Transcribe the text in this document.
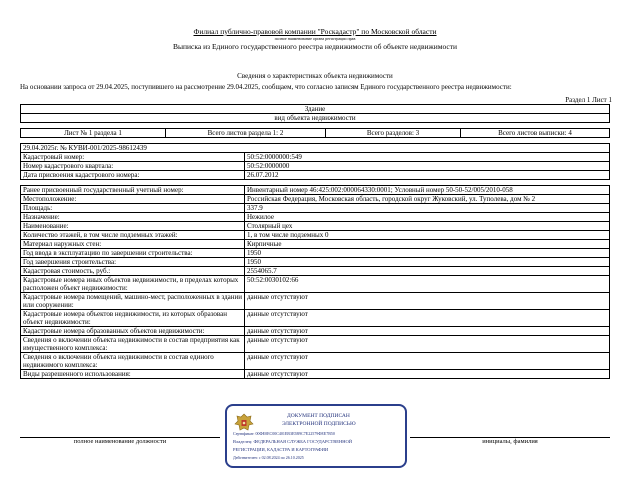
Филиал публично-правовой компании "Роскадастр" по Московской области
полное наименование органа регистрации прав
Выписка из Единого государственного реестра недвижимости об объекте недвижимости
Сведения о характеристиках объекта недвижимости
На основании запроса от 29.04.2025, поступившего на рассмотрение 29.04.2025, сообщаем, что согласно записям Единого государственного реестра недвижимости:
Раздел 1 Лист 1
Здание
вид объекта недвижимости
Лист № 1 раздела 1	Всего листов раздела 1: 2	Всего разделов: 3	Всего листов выписки: 4
29.04.2025г. № КУВИ-001/2025-98612439	
Кадастровый номер:	50:52:0000000:549
Номер кадастрового квартала:	50:52:0000000
Дата присвоения кадастрового номера:	26.07.2012

Ранее присвоенный государственный учетный номер:	Инвентарный номер 46:425:002:000064330:0001; Условный номер 50-50-52/005/2010-058
Местоположение:	Российская Федерация, Московская область, городской округ Жуковский, ул. Туполева, дом № 2
Площадь:	337.9
Назначение:	Нежилое
Наименование:	Столярный цех
Количество этажей, в том числе подземных этажей:	1, в том числе подземных 0
Материал наружных стен:	Кирпичные
Год ввода в эксплуатацию по завершении строительства:	1950
Год завершения строительства:	1950
Кадастровая стоимость, руб.:	2554065.7
Кадастровые номера иных объектов недвижимости, в пределах которых расположен объект недвижимости:	50:52:0030102:66
Кадастровые номера помещений, машино-мест, расположенных в здании или сооружении:	данные отсутствуют
Кадастровые номера объектов недвижимости, из которых образован объект недвижимости:	данные отсутствуют
Кадастровые номера образованных объектов недвижимости:	данные отсутствуют
Сведения о включении объекта недвижимости в состав предприятия как имущественного комплекса:	данные отсутствуют
Сведения о включении объекта недвижимости в состав единого недвижимого комплекса:	данные отсутствуют
Виды разрешенного использования:	данные отсутствуют
полное наименование должности	инициалы, фамилия
ДОКУМЕНТ ПОДПИСАН
ЭЛЕКТРОННОЙ ПОДПИСЬЮ
Сертификат: 00ФЕ0ЕС00С401ЕВ3Е5В9С7Е22579ФЕЕ7В50
Владелец: ФЕДЕРАЛЬНАЯ СЛУЖБА ГОСУДАРСТВЕННОЙ
РЕГИСТРАЦИИ, КАДАСТРА И КАРТОГРАФИИ
Действителен: с 02.08.2024 по 26.10.2025
